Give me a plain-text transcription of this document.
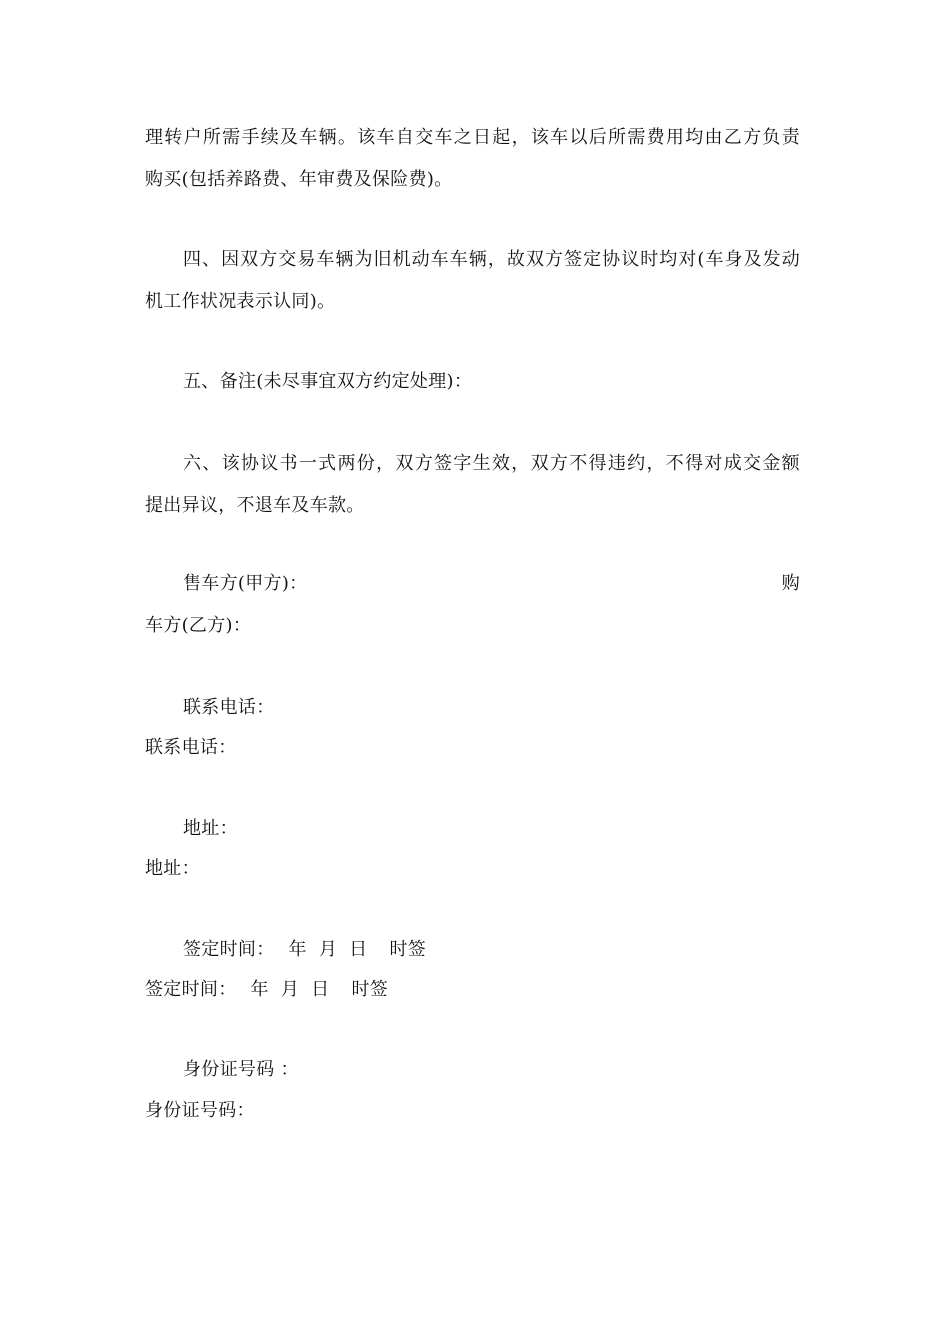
理转户所需手续及车辆。该车自交车之日起，该车以后所需费用均由乙方负责
购买(包括养路费、年审费及保险费)。
四、因双方交易车辆为旧机动车车辆，故双方签定协议时均对(车身及发动
机工作状况表示认同)。
五、备注(未尽事宜双方约定处理)：
六、该协议书一式两份，双方签字生效，双方不得违约，不得对成交金额
提出异议，不退车及车款。
售车方(甲方)：	购
车方(乙方)：
联系电话：
联系电话：
地址：
地址：
签定时间： 年 月 日 时签
签定时间： 年 月 日 时签
身份证号码 ：
身份证号码：
